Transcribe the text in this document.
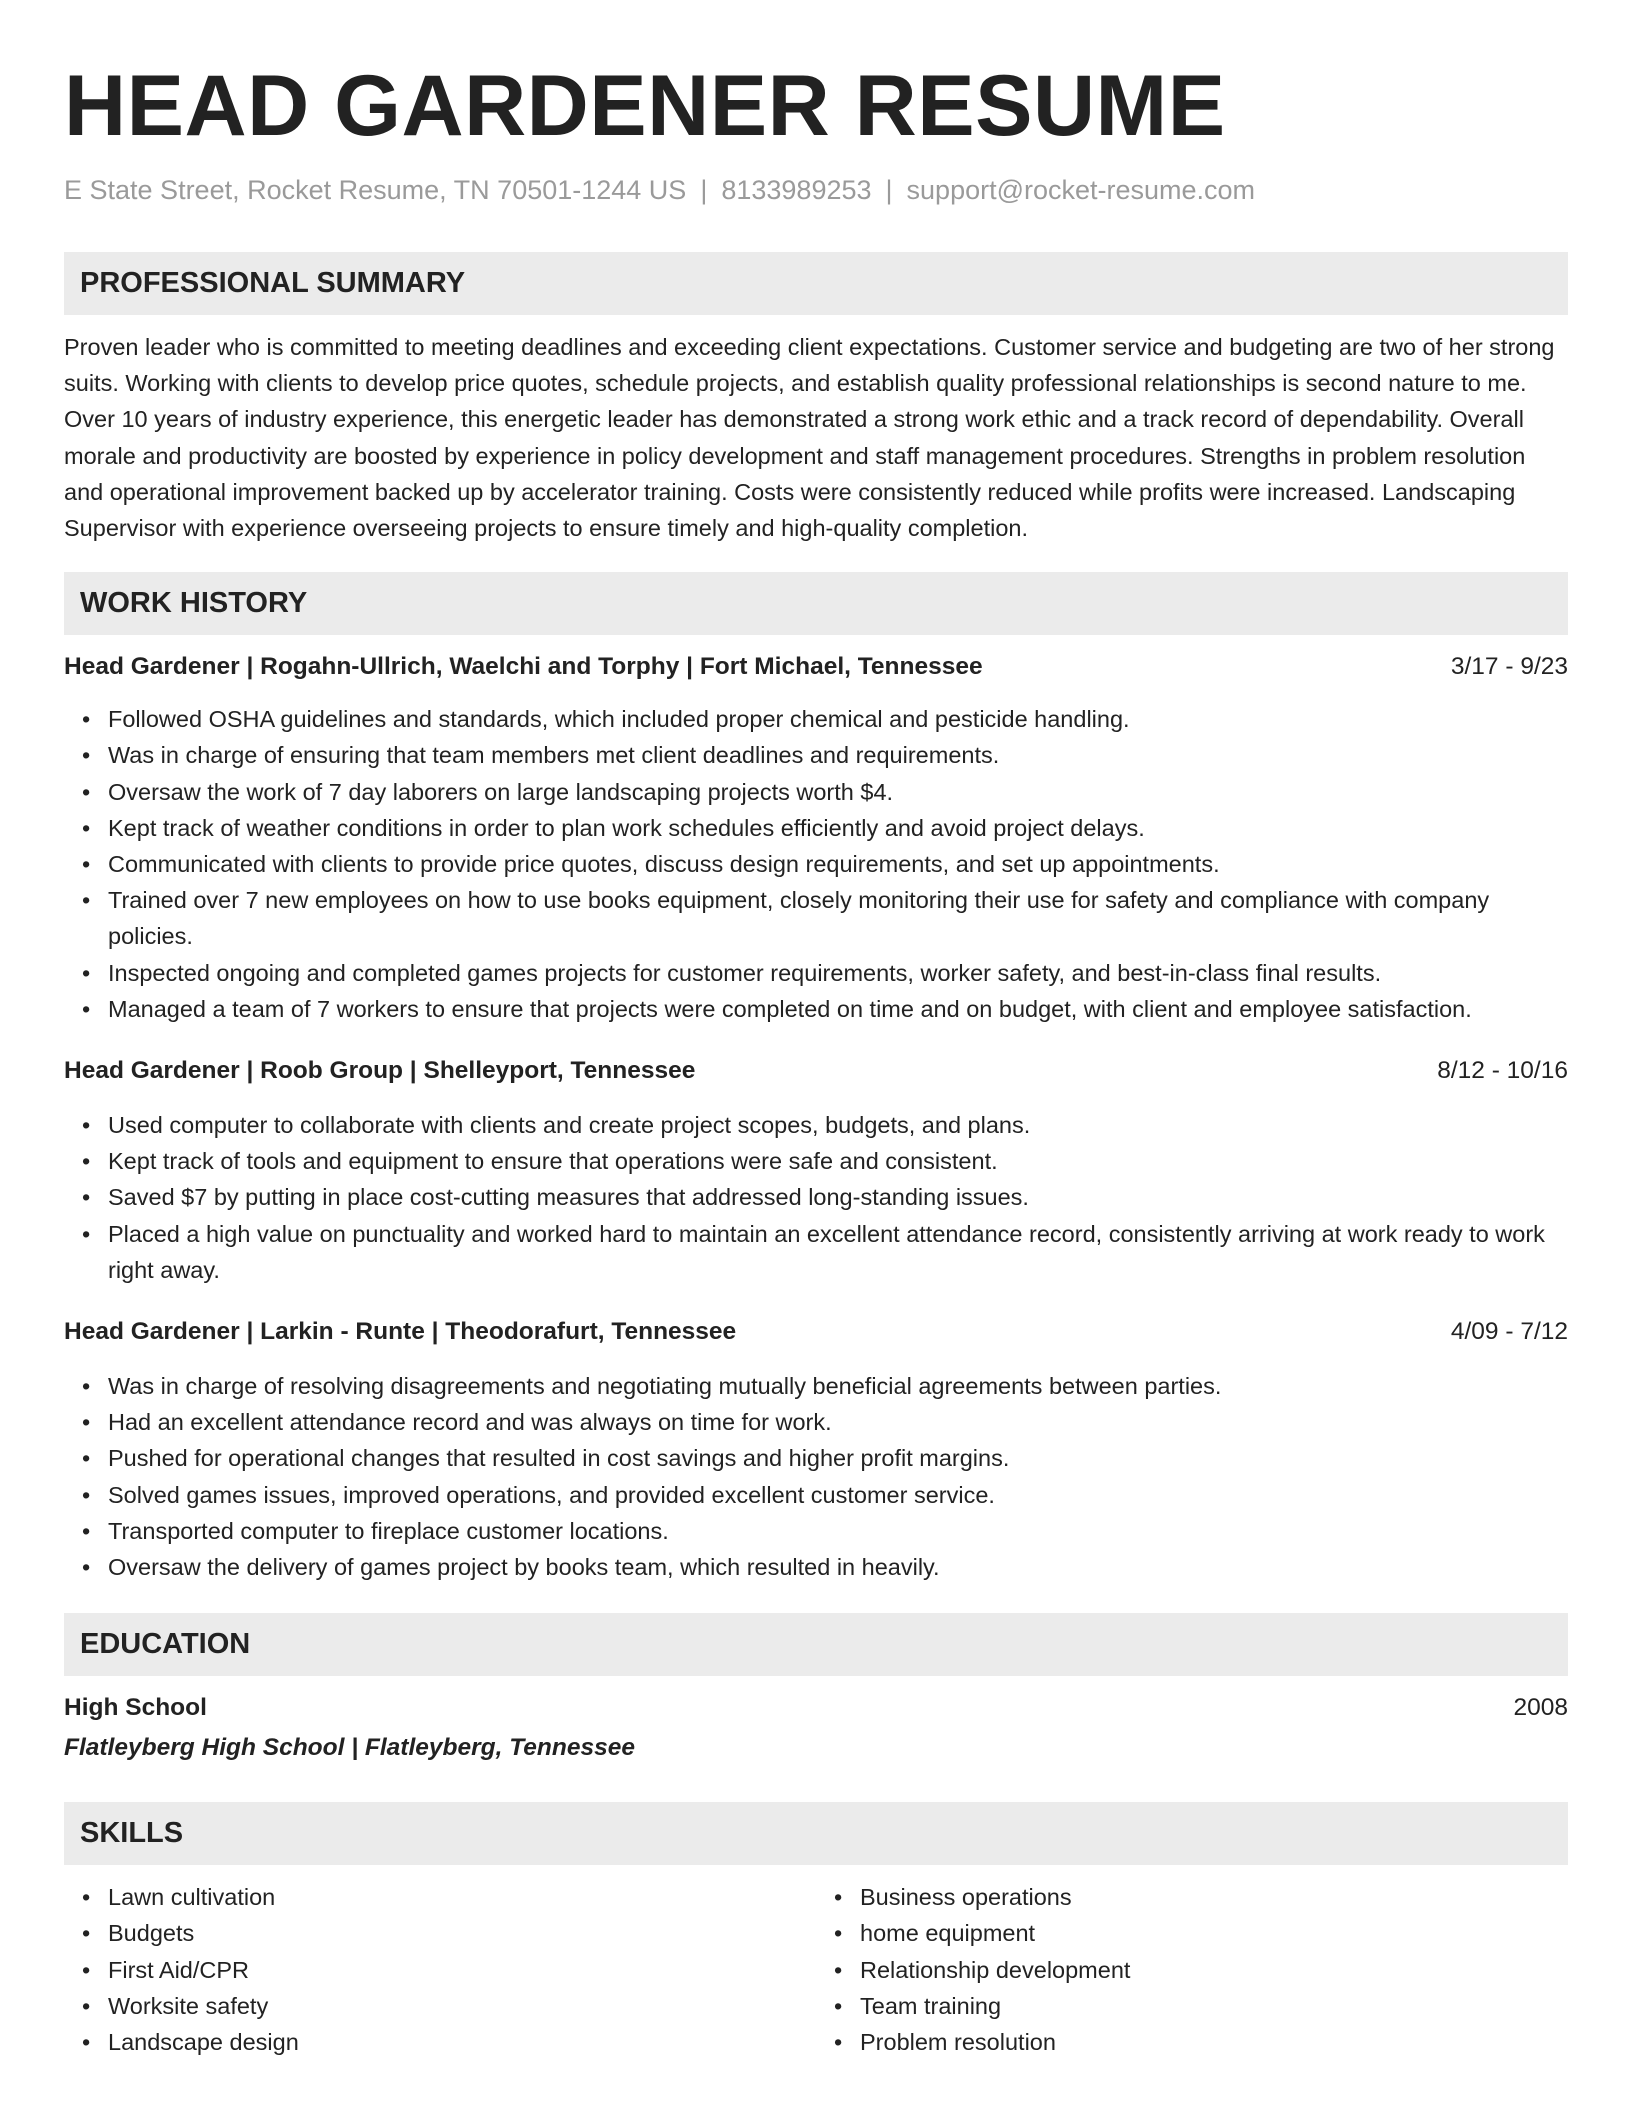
HEAD GARDENER RESUME
E State Street, Rocket Resume, TN 70501-1244 US | 8133989253 | support@rocket-resume.com
PROFESSIONAL SUMMARY

Proven leader who is committed to meeting deadlines and exceeding client expectations. Customer service and budgeting are two of her strong suits. Working with clients to develop price quotes, schedule projects, and establish quality professional relationships is second nature to me. Over 10 years of industry experience, this energetic leader has demonstrated a strong work ethic and a track record of dependability. Overall morale and productivity are boosted by experience in policy development and staff management procedures. Strengths in problem resolution and operational improvement backed up by accelerator training. Costs were consistently reduced while profits were increased. Landscaping Supervisor with experience overseeing projects to ensure timely and high-quality completion.

WORK HISTORY
Head Gardener | Rogahn-Ullrich, Waelchi and Torphy | Fort Michael, Tennessee	3/17 - 9/23
• Followed OSHA guidelines and standards, which included proper chemical and pesticide handling.
• Was in charge of ensuring that team members met client deadlines and requirements.
• Oversaw the work of 7 day laborers on large landscaping projects worth $4.
• Kept track of weather conditions in order to plan work schedules efficiently and avoid project delays.
• Communicated with clients to provide price quotes, discuss design requirements, and set up appointments.
• Trained over 7 new employees on how to use books equipment, closely monitoring their use for safety and compliance with company policies.
• Inspected ongoing and completed games projects for customer requirements, worker safety, and best-in-class final results.
• Managed a team of 7 workers to ensure that projects were completed on time and on budget, with client and employee satisfaction.
Head Gardener | Roob Group | Shelleyport, Tennessee	8/12 - 10/16
• Used computer to collaborate with clients and create project scopes, budgets, and plans.
• Kept track of tools and equipment to ensure that operations were safe and consistent.
• Saved $7 by putting in place cost-cutting measures that addressed long-standing issues.
• Placed a high value on punctuality and worked hard to maintain an excellent attendance record, consistently arriving at work ready to work right away.
Head Gardener | Larkin - Runte | Theodorafurt, Tennessee	4/09 - 7/12
• Was in charge of resolving disagreements and negotiating mutually beneficial agreements between parties.
• Had an excellent attendance record and was always on time for work.
• Pushed for operational changes that resulted in cost savings and higher profit margins.
• Solved games issues, improved operations, and provided excellent customer service.
• Transported computer to fireplace customer locations.
• Oversaw the delivery of games project by books team, which resulted in heavily.
EDUCATION
High School	2008
Flatleyberg High School | Flatleyberg, Tennessee
SKILLS
• Lawn cultivation
• Budgets
• First Aid/CPR
• Worksite safety
• Landscape design
• Business operations
• home equipment
• Relationship development
• Team training
• Problem resolution
